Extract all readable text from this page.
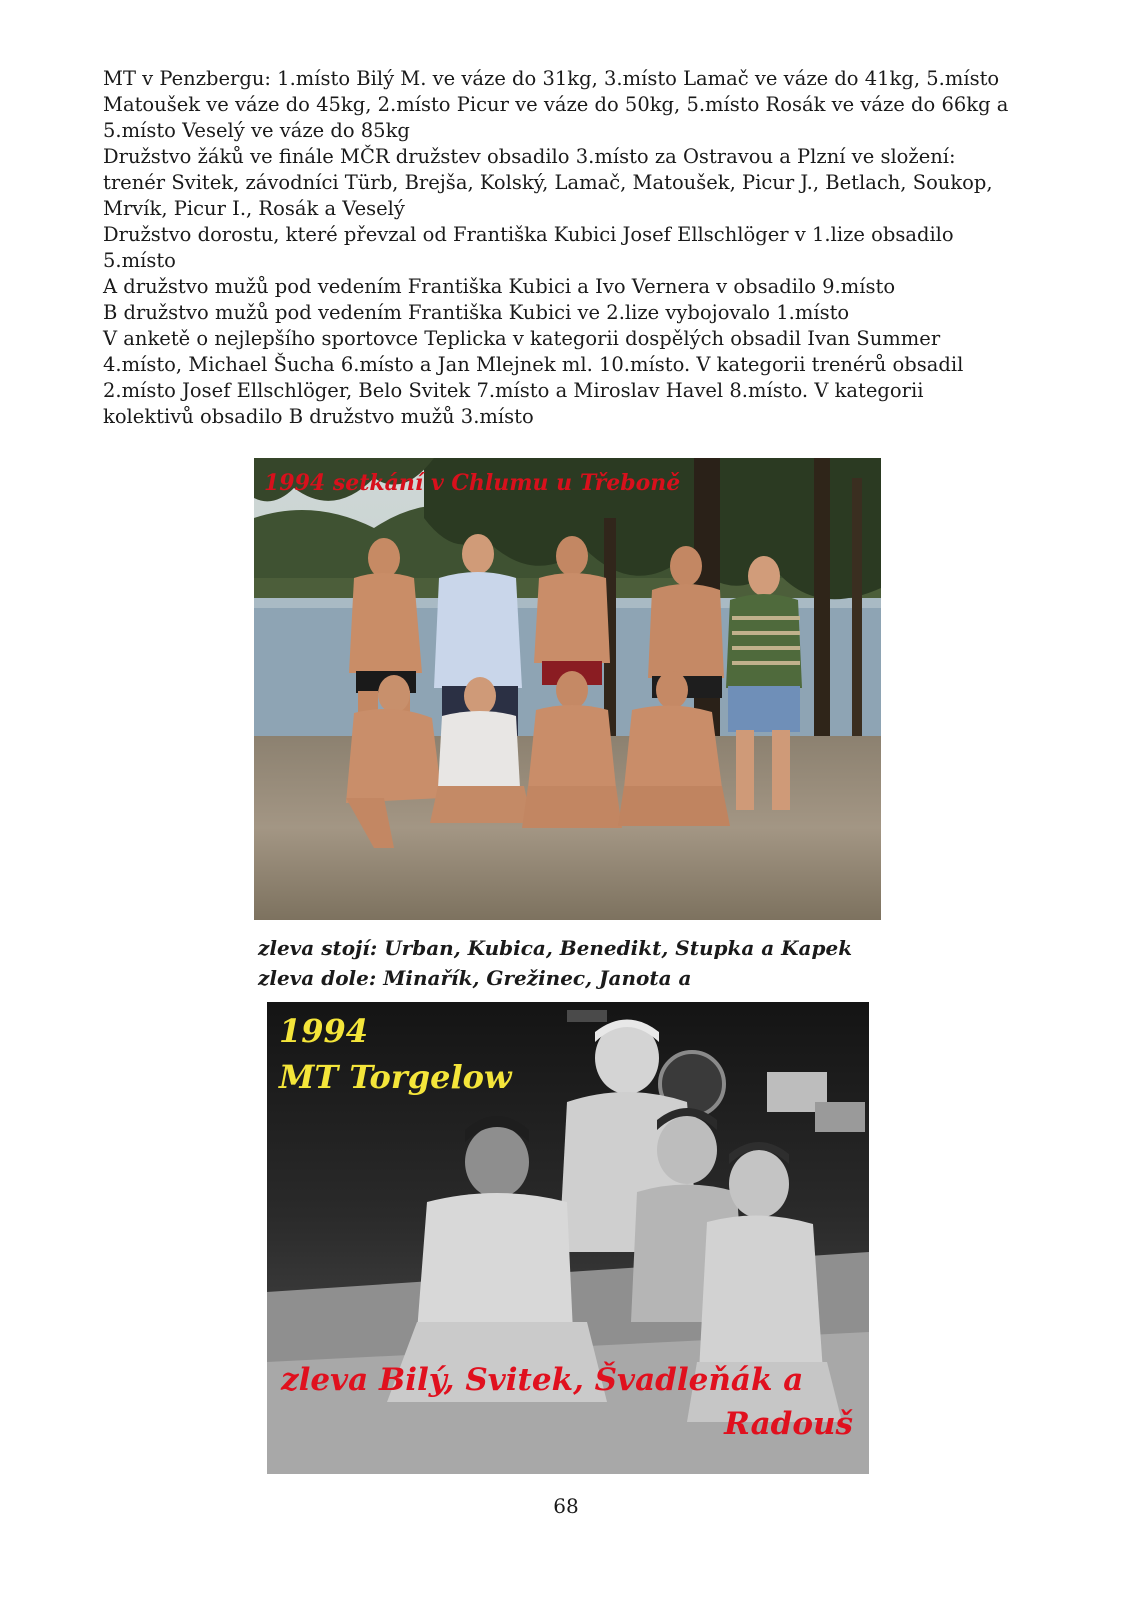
MT v Penzbergu: 1.místo Bilý M. ve váze do 31kg, 3.místo Lamač ve váze do 41kg, 5.místo
Matoušek ve váze do 45kg, 2.místo Picur ve váze do 50kg, 5.místo Rosák ve váze do 66kg a
5.místo Veselý ve váze do 85kg
Družstvo žáků ve finále MČR družstev obsadilo 3.místo za Ostravou a Plzní ve složení:
trenér Svitek, závodníci Türb, Brejša, Kolský, Lamač, Matoušek, Picur J., Betlach, Soukop,
Mrvík, Picur I., Rosák a Veselý
Družstvo dorostu, které převzal od Františka Kubici Josef Ellschlöger v 1.lize obsadilo
5.místo
A družstvo mužů pod vedením Františka Kubici a Ivo Vernera v obsadilo 9.místo
B družstvo mužů pod vedením Františka Kubici ve 2.lize vybojovalo 1.místo
V anketě o nejlepšího sportovce Teplicka v kategorii dospělých obsadil Ivan Summer
4.místo, Michael Šucha 6.místo a Jan Mlejnek ml. 10.místo. V kategorii trenérů obsadil
2.místo Josef Ellschlöger, Belo Svitek 7.místo a Miroslav Havel 8.místo. V kategorii
kolektivů obsadilo B družstvo mužů 3.místo
1994 setkání v Chlumu u Třeboně
zleva stojí: Urban, Kubica, Benedikt, Stupka a Kapek
zleva dole: Minařík, Grežinec, Janota a
1994
MT Torgelow
zleva Bilý, Svitek, Švadleňák a
Radouš
68
